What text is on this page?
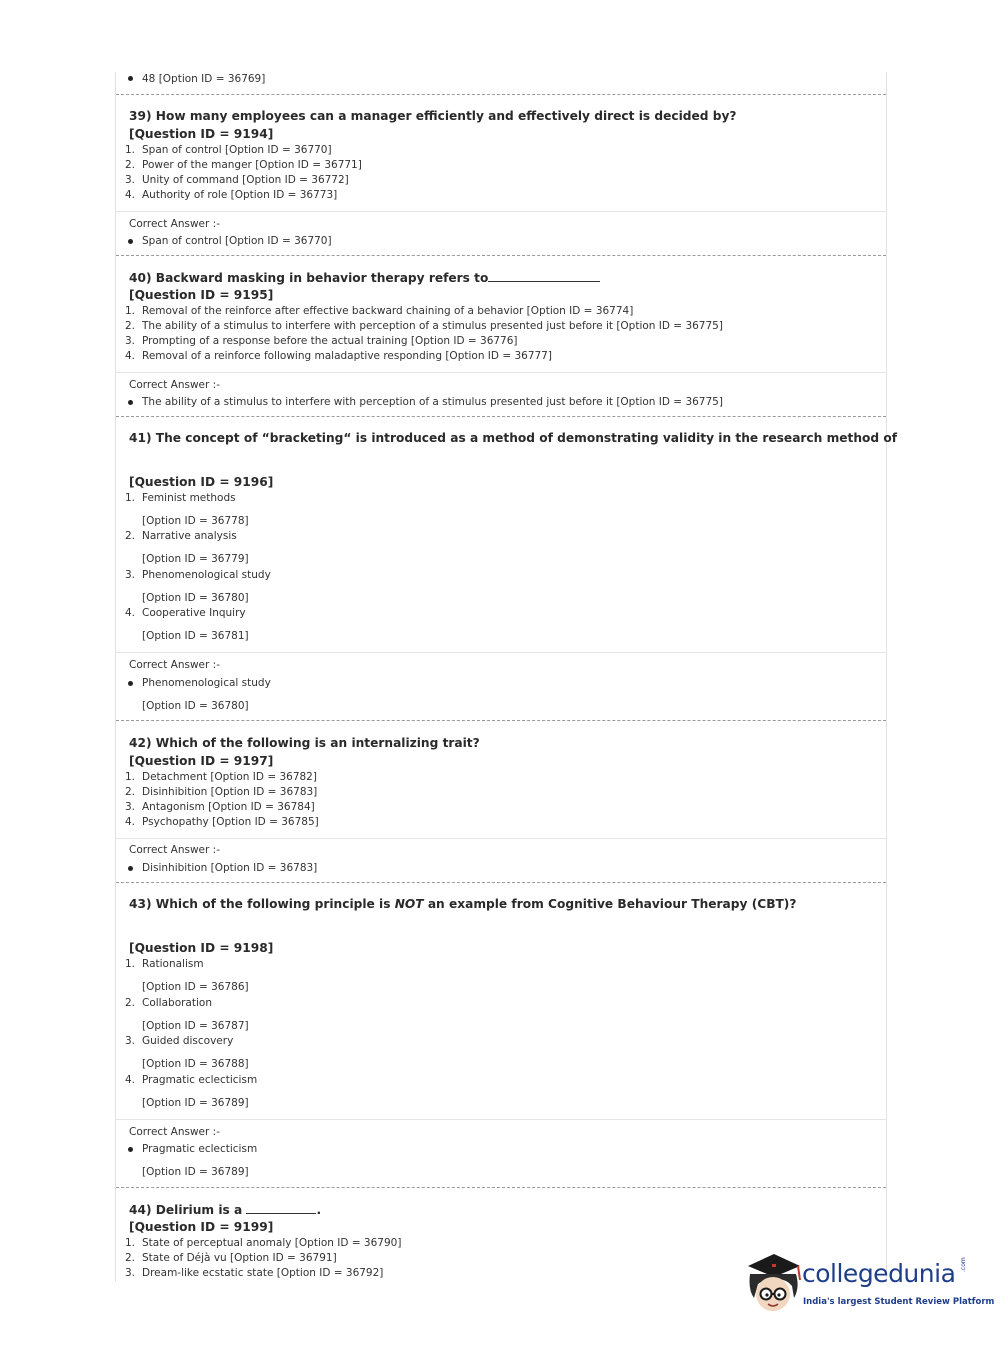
48 [Option ID = 36769]
39) How many employees can a manager efficiently and effectively direct is decided by?
[Question ID = 9194]
1. Span of control [Option ID = 36770]
2. Power of the manger [Option ID = 36771]
3. Unity of command [Option ID = 36772]
4. Authority of role [Option ID = 36773]
Correct Answer :-
Span of control [Option ID = 36770]
40) Backward masking in behavior therapy refers to
[Question ID = 9195]
1. Removal of the reinforce after effective backward chaining of a behavior [Option ID = 36774]
2. The ability of a stimulus to interfere with perception of a stimulus presented just before it [Option ID = 36775]
3. Prompting of a response before the actual training [Option ID = 36776]
4. Removal of a reinforce following maladaptive responding [Option ID = 36777]
Correct Answer :-
The ability of a stimulus to interfere with perception of a stimulus presented just before it [Option ID = 36775]
41) The concept of “bracketing“ is introduced as a method of demonstrating validity in the research method of
[Question ID = 9196]
1. Feminist methods
[Option ID = 36778]
2. Narrative analysis
[Option ID = 36779]
3. Phenomenological study
[Option ID = 36780]
4. Cooperative Inquiry
[Option ID = 36781]
Correct Answer :-
Phenomenological study
[Option ID = 36780]
42) Which of the following is an internalizing trait?
[Question ID = 9197]
1. Detachment [Option ID = 36782]
2. Disinhibition [Option ID = 36783]
3. Antagonism [Option ID = 36784]
4. Psychopathy [Option ID = 36785]
Correct Answer :-
Disinhibition [Option ID = 36783]
43) Which of the following principle is NOT an example from Cognitive Behaviour Therapy (CBT)?
[Question ID = 9198]
1. Rationalism
[Option ID = 36786]
2. Collaboration
[Option ID = 36787]
3. Guided discovery
[Option ID = 36788]
4. Pragmatic eclecticism
[Option ID = 36789]
Correct Answer :-
Pragmatic eclecticism
[Option ID = 36789]
44) Delirium is a	.
[Question ID = 9199]
1. State of perceptual anomaly [Option ID = 36790]
2. State of Déjà vu [Option ID = 36791]
3. Dream-like ecstatic state [Option ID = 36792]	collegedunia .com
India's largest Student Review Platform
